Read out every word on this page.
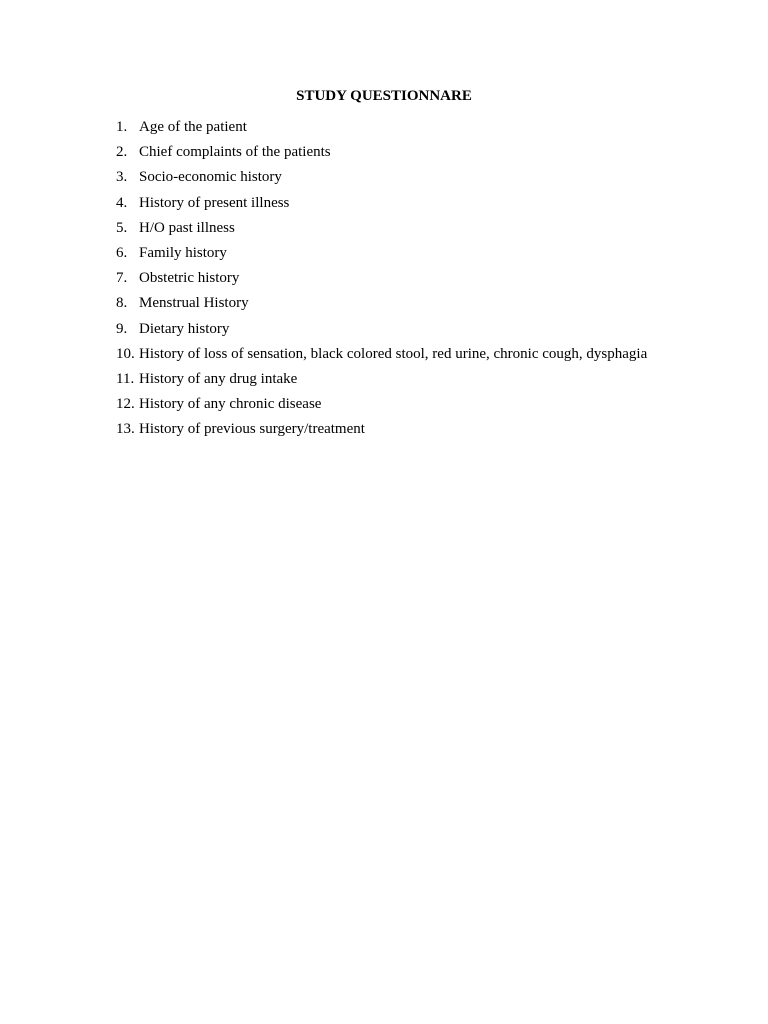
STUDY QUESTIONNARE
1. Age of the patient
2. Chief complaints of the patients
3. Socio-economic history
4. History of present illness
5. H/O past illness
6. Family history
7. Obstetric history
8. Menstrual History
9. Dietary history
10. History of loss of sensation, black colored stool, red urine, chronic cough, dysphagia
11. History of any drug intake
12. History of any chronic disease
13. History of previous surgery/treatment
